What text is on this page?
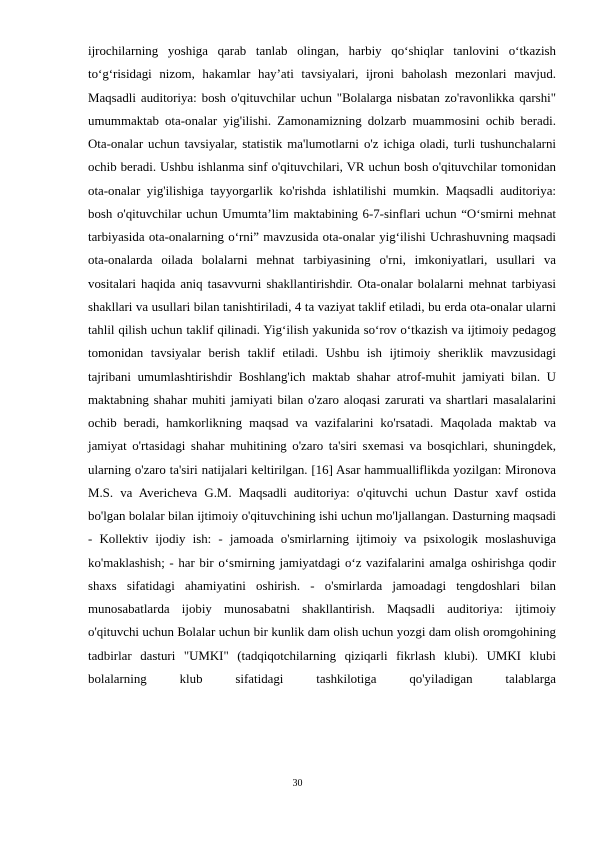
ijrochilarning yoshiga qarab tanlab olingan, harbiy qo‘shiqlar tanlovini o‘tkazish to‘g‘risidagi nizom, hakamlar hay’ati tavsiyalari, ijroni baholash mezonlari mavjud. Maqsadli auditoriya: bosh o'qituvchilar uchun "Bolalarga nisbatan zo'ravonlikka qarshi" umummaktab ota-onalar yig'ilishi. Zamonamizning dolzarb muammosini ochib beradi. Ota-onalar uchun tavsiyalar, statistik ma'lumotlarni o'z ichiga oladi, turli tushunchalarni ochib beradi. Ushbu ishlanma sinf o'qituvchilari, VR uchun bosh o'qituvchilar tomonidan ota-onalar yig'ilishiga tayyorgarlik ko'rishda ishlatilishi mumkin. Maqsadli auditoriya: bosh o'qituvchilar uchun Umumta’lim maktabining 6-7-sinflari uchun “O‘smirni mehnat tarbiyasida ota-onalarning o‘rni” mavzusida ota-onalar yig‘ilishi Uchrashuvning maqsadi ota-onalarda oilada bolalarni mehnat tarbiyasining o'rni, imkoniyatlari, usullari va vositalari haqida aniq tasavvurni shakllantirishdir. Ota-onalar bolalarni mehnat tarbiyasi shakllari va usullari bilan tanishtiriladi, 4 ta vaziyat taklif etiladi, bu erda ota-onalar ularni tahlil qilish uchun taklif qilinadi. Yig‘ilish yakunida so‘rov o‘tkazish va ijtimoiy pedagog tomonidan tavsiyalar berish taklif etiladi. Ushbu ish ijtimoiy sheriklik mavzusidagi tajribani umumlashtirishdir Boshlang'ich maktab shahar atrof-muhit jamiyati bilan. U maktabning shahar muhiti jamiyati bilan o'zaro aloqasi zarurati va shartlari masalalarini ochib beradi, hamkorlikning maqsad va vazifalarini ko'rsatadi. Maqolada maktab va jamiyat o'rtasidagi shahar muhitining o'zaro ta'siri sxemasi va bosqichlari, shuningdek, ularning o'zaro ta'siri natijalari keltirilgan. [16] Asar hammualliflikda yozilgan: Mironova M.S. va Avericheva G.M. Maqsadli auditoriya: o'qituvchi uchun Dastur xavf ostida bo'lgan bolalar bilan ijtimoiy o'qituvchining ishi uchun mo'ljallangan. Dasturning maqsadi - Kollektiv ijodiy ish: - jamoada o'smirlarning ijtimoiy va psixologik moslashuviga ko'maklashish; - har bir o‘smirning jamiyatdagi o‘z vazifalarini amalga oshirishga qodir shaxs sifatidagi ahamiyatini oshirish. - o'smirlarda jamoadagi tengdoshlari bilan munosabatlarda ijobiy munosabatni shakllantirish. Maqsadli auditoriya: ijtimoiy o'qituvchi uchun Bolalar uchun bir kunlik dam olish uchun yozgi dam olish oromgohining tadbirlar dasturi "UMKI" (tadqiqotchilarning qiziqarli fikrlash klubi). UMKI klubi bolalarning klub sifatidagi tashkilotiga qo'yiladigan talablarga

30
